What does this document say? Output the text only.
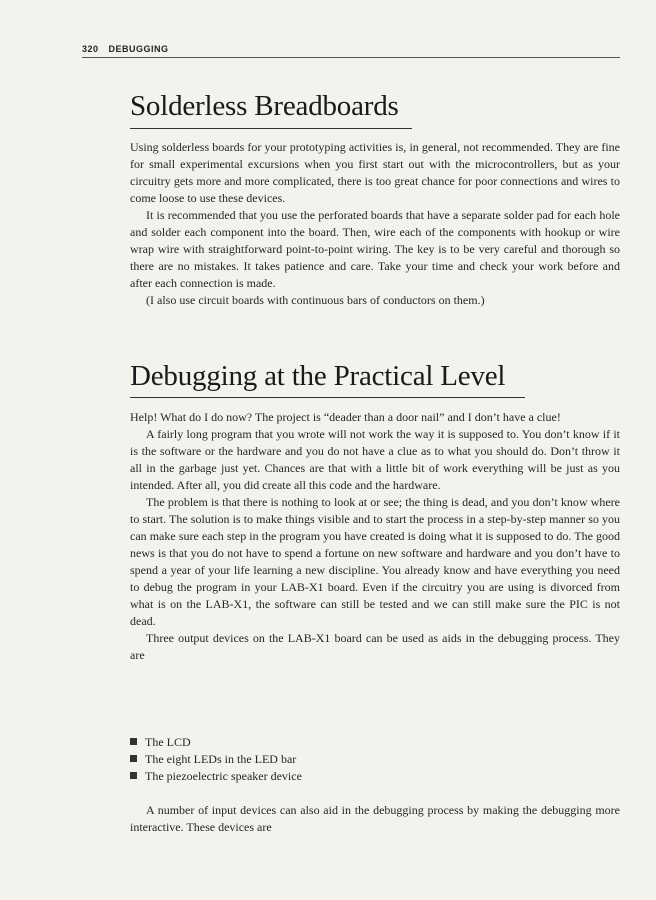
320 DEBUGGING
Solderless Breadboards

Using solderless boards for your prototyping activities is, in general, not recommended. They are fine for small experimental excursions when you first start out with the microcontrollers, but as your circuitry gets more and more complicated, there is too great chance for poor connections and wires to come loose to use these devices.

It is recommended that you use the perforated boards that have a separate solder pad for each hole and solder each component into the board. Then, wire each of the components with hookup or wire wrap wire with straightforward point-to-point wiring. The key is to be very careful and thorough so there are no mistakes. It takes patience and care. Take your time and check your work before and after each connection is made.

(I also use circuit boards with continuous bars of conductors on them.)

Debugging at the Practical Level

Help! What do I do now? The project is “deader than a door nail” and I don’t have a clue!

A fairly long program that you wrote will not work the way it is supposed to. You don’t know if it is the software or the hardware and you do not have a clue as to what you should do. Don’t throw it all in the garbage just yet. Chances are that with a little bit of work everything will be just as you intended. After all, you did create all this code and the hardware.

The problem is that there is nothing to look at or see; the thing is dead, and you don’t know where to start. The solution is to make things visible and to start the process in a step-by-step manner so you can make sure each step in the program you have created is doing what it is supposed to do. The good news is that you do not have to spend a fortune on new software and hardware and you don’t have to spend a year of your life learning a new discipline. You already know and have everything you need to debug the program in your LAB-X1 board. Even if the circuitry you are using is divorced from what is on the LAB-X1, the software can still be tested and we can still make sure the PIC is not dead.

Three output devices on the LAB-X1 board can be used as aids in the debugging process. They are

The LCD
The eight LEDs in the LED bar
The piezoelectric speaker device

A number of input devices can also aid in the debugging process by making the debugging more interactive. These devices are
